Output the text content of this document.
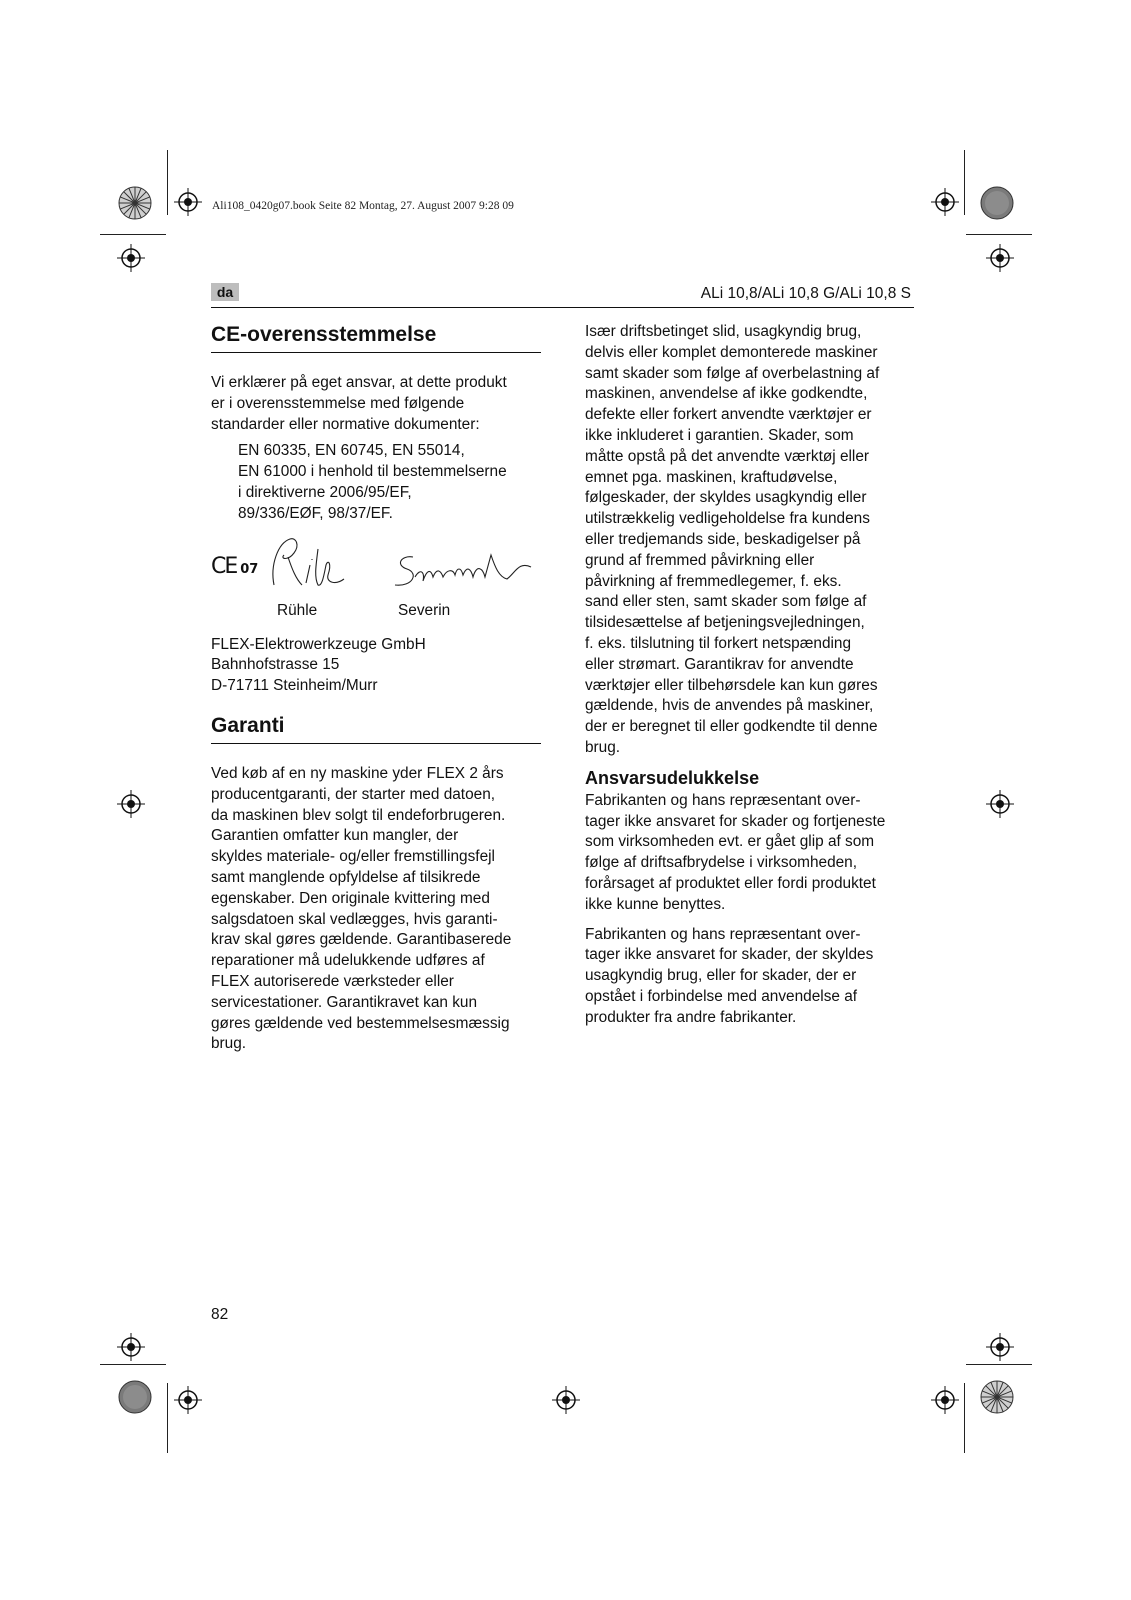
Ali108_0420g07.book Seite 82 Montag, 27. August 2007 9:28 09
da	ALi 10,8/ALi 10,8 G/ALi 10,8 S
CE-overensstemmelse

Vi erklærer på eget ansvar, at dette produkt
er i overensstemmelse med følgende
standarder eller normative dokumenter:

EN 60335, EN 60745, EN 55014,
EN 61000 i henhold til bestemmelserne
i direktiverne 2006/95/EF,
89/336/EØF, 98/37/EF.

CE 07
Rühle	Severin

FLEX-Elektrowerkzeuge GmbH
Bahnhofstrasse 15
D-71711 Steinheim/Murr

Garanti

Ved køb af en ny maskine yder FLEX 2 års
producentgaranti, der starter med datoen,
da maskinen blev solgt til endeforbrugeren.
Garantien omfatter kun mangler, der
skyldes materiale- og/eller fremstillingsfejl
samt manglende opfyldelse af tilsikrede
egenskaber. Den originale kvittering med
salgsdatoen skal vedlægges, hvis garanti-
krav skal gøres gældende. Garantibaserede
reparationer må udelukkende udføres af
FLEX autoriserede værksteder eller
servicestationer. Garantikravet kan kun
gøres gældende ved bestemmelsesmæssig
brug.

Især driftsbetinget slid, usagkyndig brug,
delvis eller komplet demonterede maskiner
samt skader som følge af overbelastning af
maskinen, anvendelse af ikke godkendte,
defekte eller forkert anvendte værktøjer er
ikke inkluderet i garantien. Skader, som
måtte opstå på det anvendte værktøj eller
emnet pga. maskinen, kraftudøvelse,
følgeskader, der skyldes usagkyndig eller
utilstrækkelig vedligeholdelse fra kundens
eller tredjemands side, beskadigelser på
grund af fremmed påvirkning eller
påvirkning af fremmedlegemer, f. eks.
sand eller sten, samt skader som følge af
tilsidesættelse af betjeningsvejledningen,
f. eks. tilslutning til forkert netspænding
eller strømart. Garantikrav for anvendte
værktøjer eller tilbehørsdele kan kun gøres
gældende, hvis de anvendes på maskiner,
der er beregnet til eller godkendte til denne
brug.

Ansvarsudelukkelse

Fabrikanten og hans repræsentant over-
tager ikke ansvaret for skader og fortjeneste
som virksomheden evt. er gået glip af som
følge af driftsafbrydelse i virksomheden,
forårsaget af produktet eller fordi produktet
ikke kunne benyttes.

Fabrikanten og hans repræsentant over-
tager ikke ansvaret for skader, der skyldes
usagkyndig brug, eller for skader, der er
opstået i forbindelse med anvendelse af
produkter fra andre fabrikanter.

82
